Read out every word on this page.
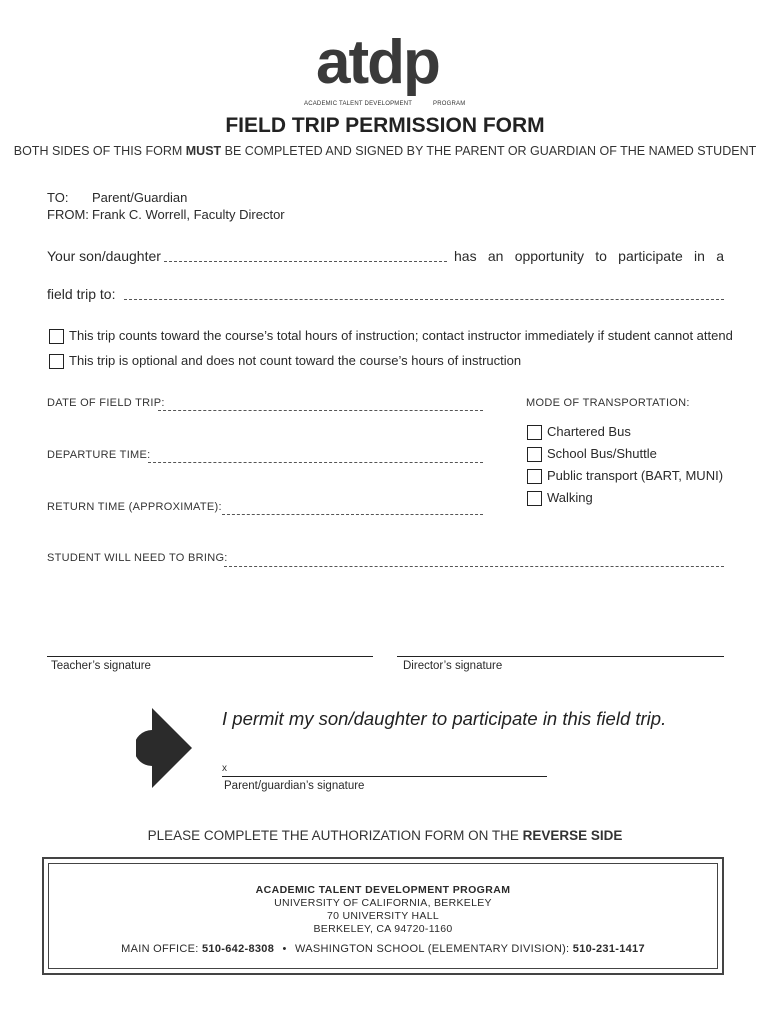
atdp
ACADEMIC TALENT DEVELOPMENT	PROGRAM
FIELD TRIP PERMISSION FORM
BOTH SIDES OF THIS FORM MUST BE COMPLETED AND SIGNED BY THE PARENT OR GUARDIAN OF THE NAMED STUDENT
TO: Parent/Guardian
FROM: Frank C. Worrell, Faculty Director
Your son/daughter	has an opportunity to participate in a
field trip to:
This trip counts toward the course’s total hours of instruction; contact instructor immediately if student cannot attend
This trip is optional and does not count toward the course’s hours of instruction
DATE OF FIELD TRIP:
DEPARTURE TIME:
RETURN TIME (APPROXIMATE):
MODE OF TRANSPORTATION:
Chartered Bus
School Bus/Shuttle
Public transport (BART, MUNI)
Walking
STUDENT WILL NEED TO BRING:
Teacher’s signature	Director’s signature
I permit my son/daughter to participate in this field trip.
x
Parent/guardian’s signature
PLEASE COMPLETE THE AUTHORIZATION FORM ON THE REVERSE SIDE
ACADEMIC TALENT DEVELOPMENT PROGRAM
UNIVERSITY OF CALIFORNIA, BERKELEY
70 UNIVERSITY HALL
BERKELEY, CA 94720-1160
MAIN OFFICE: 510-642-8308 • WASHINGTON SCHOOL (ELEMENTARY DIVISION): 510-231-1417
